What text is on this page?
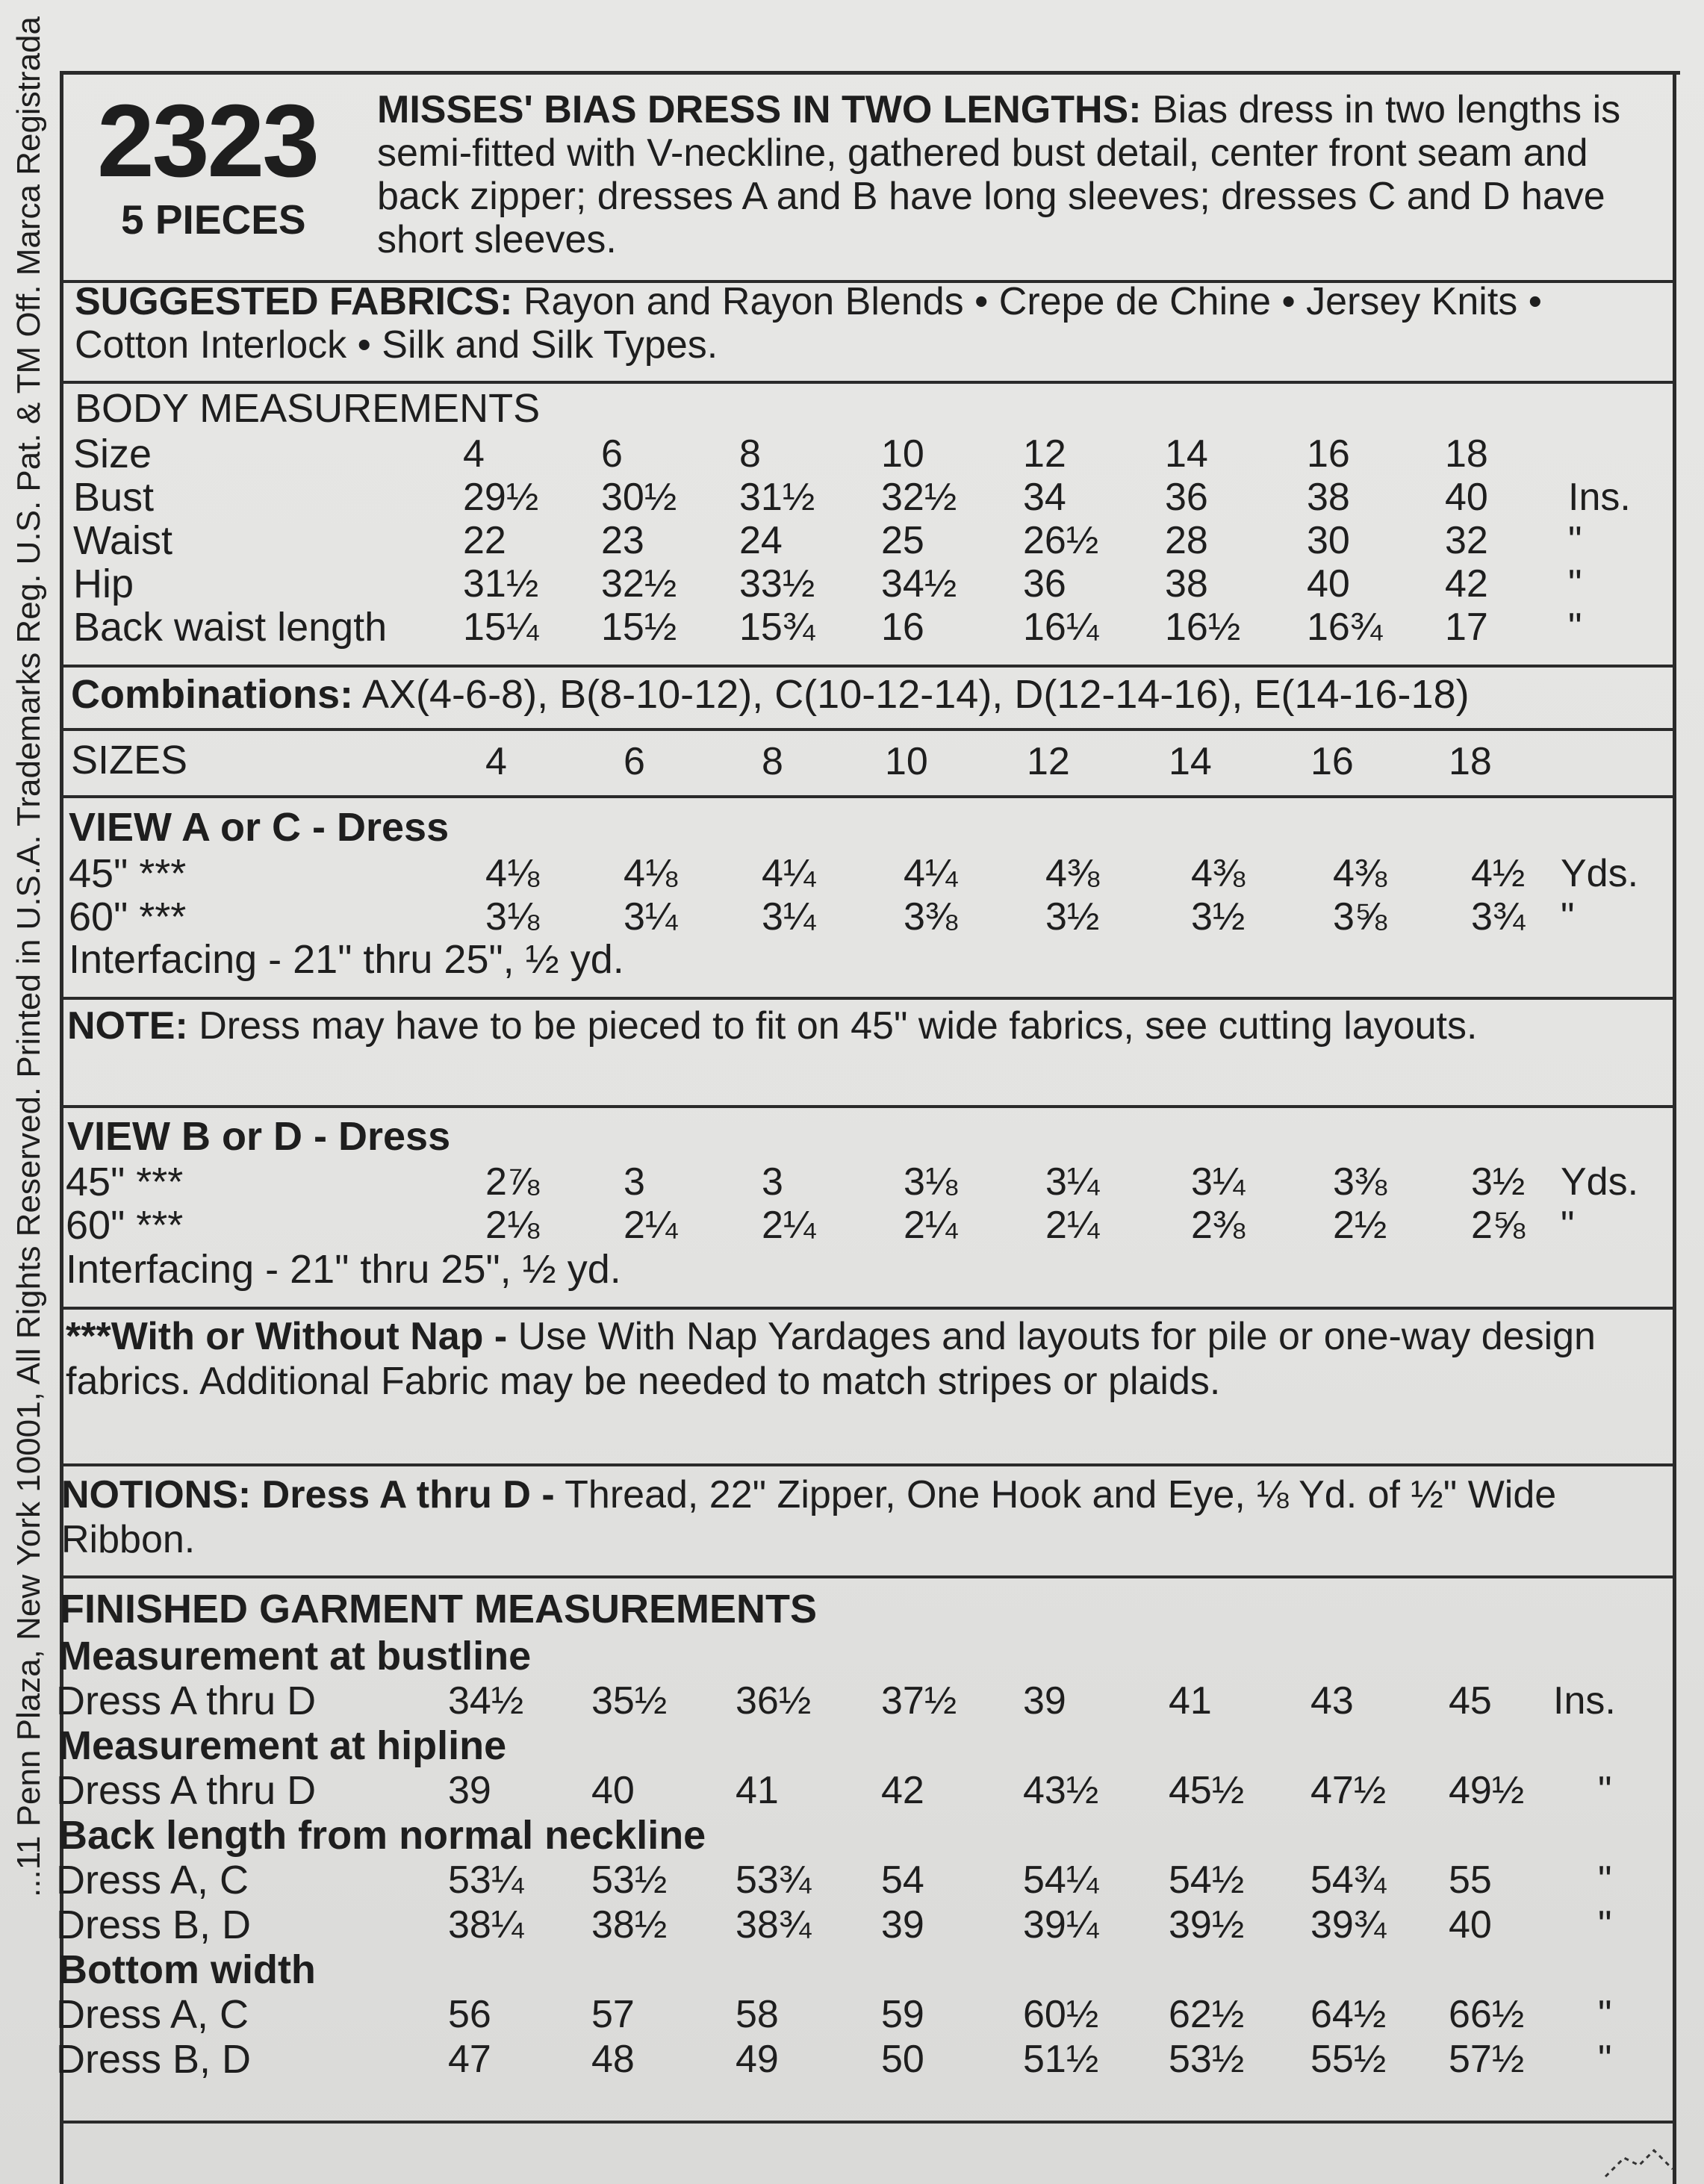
...11 Penn Plaza, New York 10001, All Rights Reserved. Printed in U.S.A. Trademarks Reg. U.S. Pat. & TM Off. Marca Registrada 2323
5 PIECES
MISSES' BIAS DRESS IN TWO LENGTHS: Bias dress in two lengths is semi-fitted with V-neckline, gathered bust detail, center front seam and back zipper; dresses A and B have long sleeves; dresses C and D have short sleeves.
SUGGESTED FABRICS: Rayon and Rayon Blends • Crepe de Chine • Jersey Knits • Cotton Interlock • Silk and Silk Types.
BODY MEASUREMENTS
Size	4	6	8	10	12	14	16 18
Bust	29½ 30½ 31½ 32½ 34	36	38 40 Ins.
Waist	22 23 24	25	26½ 28	30 32 "
Hip	31½ 32½ 33½ 34½ 36	38	40 42 "
Back waist length 15¼ 15½ 15¾ 16	16¼ 16½ 16¾ 17 "
Combinations: AX(4-6-8), B(8-10-12), C(10-12-14), D(12-14-16), E(14-16-18)
SIZES	4	6	8	10	12	14	16 18
VIEW A or C - Dress
45" ***	4⅛ 4⅛ 4¼ 4¼ 4⅜ 4⅜ 4⅜ 4½ Yds.
60" ***	3⅛ 3¼ 3¼ 3⅜ 3½ 3½ 3⅝ 3¾ "
Interfacing - 21" thru 25", ½ yd.
NOTE: Dress may have to be pieced to fit on 45" wide fabrics, see cutting layouts.
VIEW B or D - Dress
45" ***	2⅞ 3	3	3⅛ 3¼ 3¼ 3⅜ 3½ Yds.
60" ***	2⅛ 2¼ 2¼ 2¼ 2¼ 2⅜ 2½ 2⅝ "
Interfacing - 21" thru 25", ½ yd.
***With or Without Nap - Use With Nap Yardages and layouts for pile or one-way design fabrics. Additional Fabric may be needed to match stripes or plaids.
NOTIONS: Dress A thru D - Thread, 22" Zipper, One Hook and Eye, ⅛ Yd. of ½" Wide Ribbon.
FINISHED GARMENT MEASUREMENTS
Measurement at bustline
Dress A thru D	34½ 35½ 36½ 37½ 39	41	43 45 Ins.
Measurement at hipline
Dress A thru D	39	40	41	42	43½ 45½ 47½ 49½ "
Back length from normal neckline
Dress A, C	53¼ 53½ 53¾ 54	54¼ 54½ 54¾ 55	"
Dress B, D	38¼ 38½ 38¾ 39	39¼ 39½ 39¾ 40	"
Bottom width
Dress A, C	56	57	58	59	60½ 62½ 64½ 66½ "
Dress B, D	47	48	49	50	51½ 53½ 55½ 57½ "
